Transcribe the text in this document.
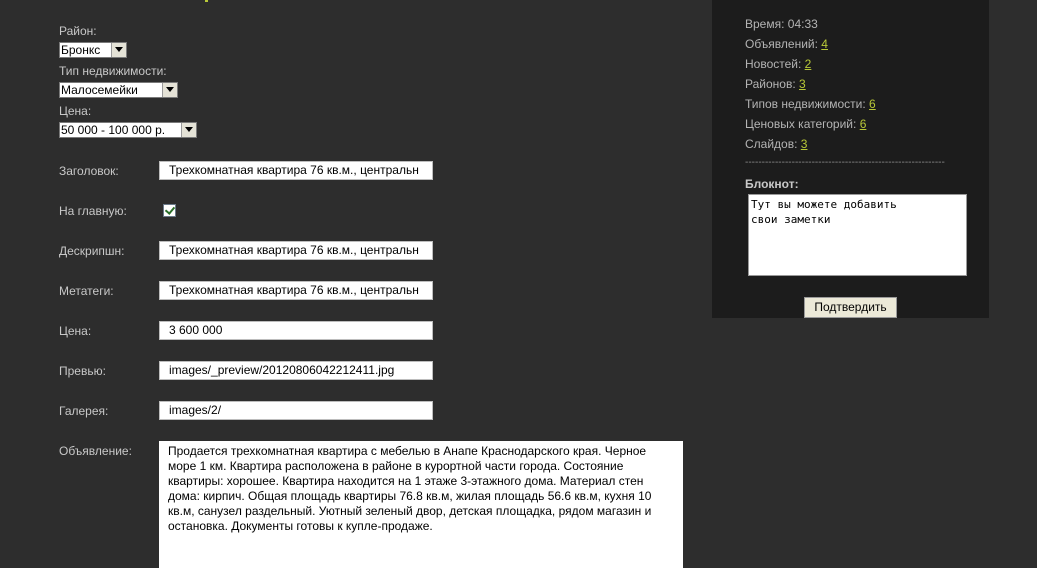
Район:
Бронкс
Тип недвижимости:
Малосемейки
Цена:
50 000 - 100 000 р.
Заголовок:	Трехкомнатная квартира 76 кв.м., центральн
На главную:
Дескрипшн:	Трехкомнатная квартира 76 кв.м., центральн
Метатеги:	Трехкомнатная квартира 76 кв.м., центральн
Цена:	3 600 000
Превью:	images/_preview/20120806042212411.jpg
Галерея:	images/2/
Объявление:	Продается трехкомнатная квартира с мебелью в Анапе Краснодарского края. Черное море 1 км. Квартира расположена в районе в курортной части города. Состояние квартиры: хорошее. Квартира находится на 1 этаже 3-этажного дома. Материал стен дома: кирпич. Общая площадь квартиры 76.8 кв.м, жилая площадь 56.6 кв.м, кухня 10 кв.м, санузел раздельный. Уютный зеленый двор, детская площадка, рядом магазин и остановка. Документы готовы к купле-продаже.
Время: 04:33
Объявлений: 4
Новостей: 2
Районов: 3
Типов недвижимости: 6
Ценовых категорий: 6
Слайдов: 3
------------------------------------------------------------
Блокнот:
Тут вы можете добавить
свои заметки
Подтвердить
